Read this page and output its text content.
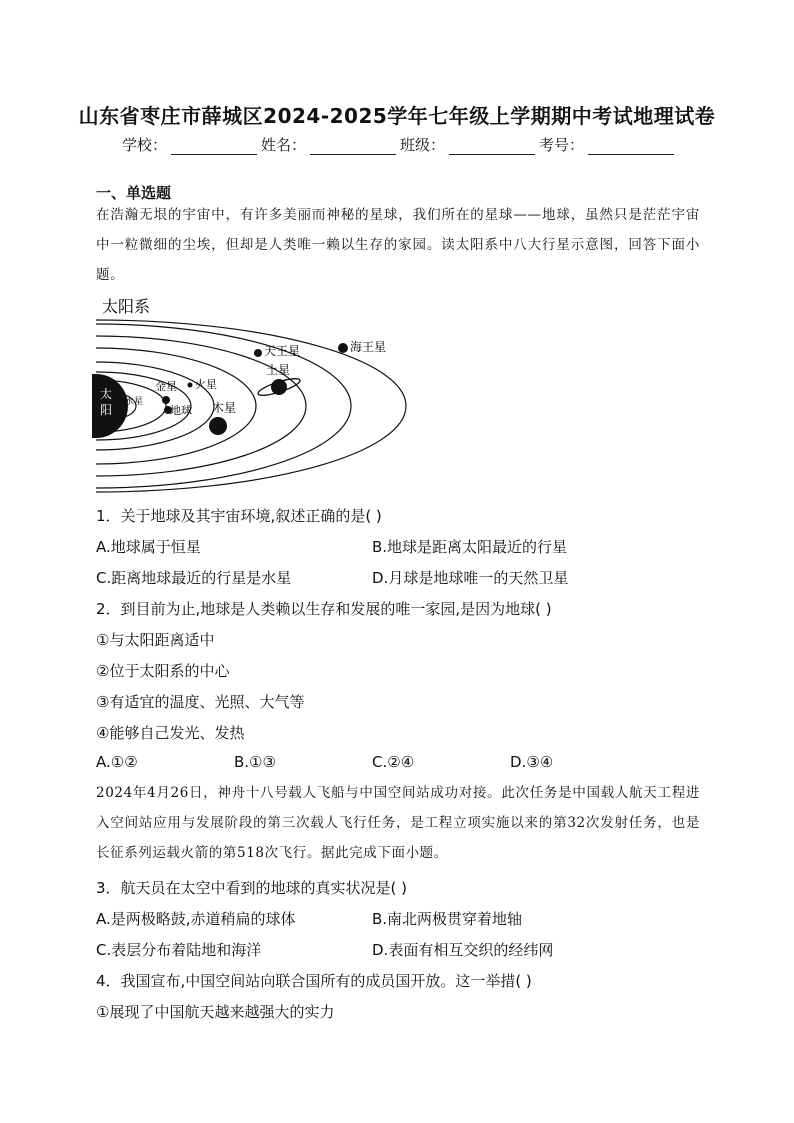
山东省枣庄市薛城区2024-2025学年七年级上学期期中考试地理试卷
学校：	姓名：	班级：	考号：
一、单选题
在浩瀚无垠的宇宙中，有许多美丽而神秘的星球，我们所在的星球——地球，虽然只是茫茫宇宙中一粒微细的尘埃，但却是人类唯一赖以生存的家园。读太阳系中八大行星示意图，回答下面小题。
太阳系
太
阳
水星
金星
地球
火星
木星
土星
天王星	海王星
1．关于地球及其宇宙环境,叙述正确的是( )
A.地球属于恒星	B.地球是距离太阳最近的行星
C.距离地球最近的行星是水星	D.月球是地球唯一的天然卫星
2．到目前为止,地球是人类赖以生存和发展的唯一家园,是因为地球( )
①与太阳距离适中
②位于太阳系的中心
③有适宜的温度、光照、大气等
④能够自己发光、发热
A.①②	B.①③	C.②④	D.③④
2024年4月26日，神舟十八号载人飞船与中国空间站成功对接。此次任务是中国载人航天工程进入空间站应用与发展阶段的第三次载人飞行任务，是工程立项实施以来的第32次发射任务，也是长征系列运载火箭的第518次飞行。据此完成下面小题。
3．航天员在太空中看到的地球的真实状况是( )
A.是两极略鼓,赤道稍扁的球体	B.南北两极贯穿着地轴
C.表层分布着陆地和海洋	D.表面有相互交织的经纬网
4．我国宣布,中国空间站向联合国所有的成员国开放。这一举措( )
①展现了中国航天越来越强大的实力
